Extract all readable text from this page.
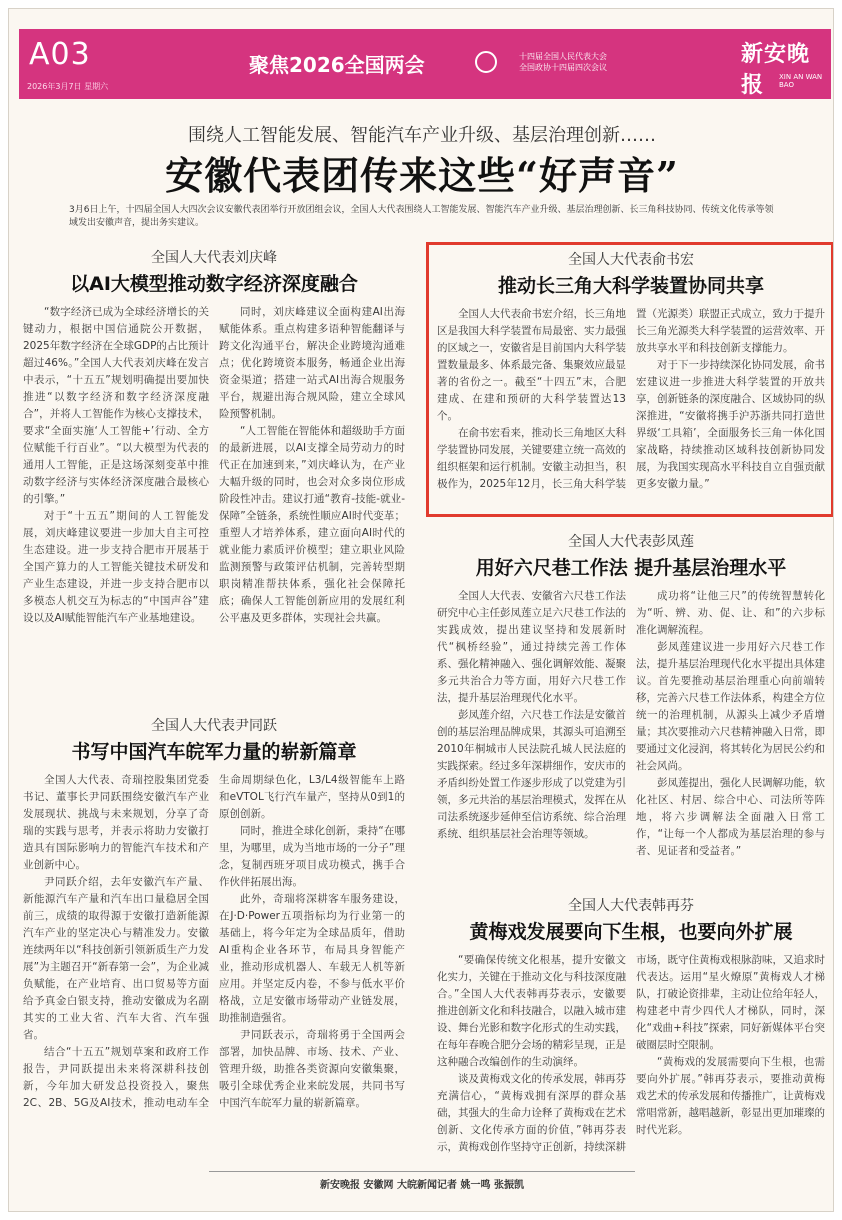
A03
2026年3月7日 星期六
聚焦2026全国两会	十四届全国人民代表大会
全国政协十四届四次会议
新安晚报	XIN AN WAN BAO
围绕人工智能发展、智能汽车产业升级、基层治理创新……
安徽代表团传来这些“好声音”
3月6日上午，十四届全国人大四次会议安徽代表团举行开放团组会议，全国人大代表围绕人工智能发展、智能汽车产业升级、基层治理创新、长三角科技协同、传统文化传承等领域发出安徽声音，提出务实建议。
全国人大代表刘庆峰
以AI大模型推动数字经济深度融合

“数字经济已成为全球经济增长的关键动力，根据中国信通院公开数据，2025年数字经济在全球GDP的占比预计超过46%。”全国人大代表刘庆峰在发言中表示，“十五五”规划明确提出要加快推进“以数字经济和数字经济深度融合”，并将人工智能作为核心支撑技术，要求“全面实施‘人工智能+’行动、全方位赋能千行百业”。“以大模型为代表的通用人工智能，正是这场深刻变革中推动数字经济与实体经济深度融合最核心的引擎。”

对于“十五五”期间的人工智能发展，刘庆峰建议要进一步加大自主可控生态建设。进一步支持合肥市开展基于全国产算力的人工智能关键技术研发和产业生态建设，并进一步支持合肥市以多模态人机交互为标志的“中国声谷”建设以及AI赋能智能汽车产业基地建设。

同时，刘庆峰建议全面构建AI出海赋能体系。重点构建多语种智能翻译与跨文化沟通平台，解决企业跨境沟通难点；优化跨境资本服务，畅通企业出海资金渠道；搭建一站式AI出海合规服务平台，规避出海合规风险，建立全球风险预警机制。

“人工智能在智能体和超级助手方面的最新进展，以AI支撑全局劳动力的时代正在加速到来，”刘庆峰认为，在产业大幅升级的同时，也会对众多岗位形成阶段性冲击。建议打通“教育-技能-就业-保障”全链条，系统性顺应AI时代变革；重塑人才培养体系，建立面向AI时代的就业能力素质评价模型；建立职业风险监测预警与政策评估机制，完善转型期职岗精准帮扶体系，强化社会保障托底；确保人工智能创新应用的发展红利公平惠及更多群体，实现社会共赢。

全国人大代表俞书宏
推动长三角大科学装置协同共享

全国人大代表俞书宏介绍，长三角地区是我国大科学装置布局最密、实力最强的区域之一，安徽省是目前国内大科学装置数量最多、体系最完备、集聚效应最显著的省份之一。截至“十四五”末，合肥建成、在建和预研的大科学装置达13个。

在俞书宏看来，推动长三角地区大科学装置协同发展，关键要建立统一高效的组织框架和运行机制。安徽主动担当，积极作为，2025年12月，长三角大科学装置（光源类）联盟正式成立，致力于提升长三角光源类大科学装置的运营效率、开放共享水平和科技创新支撑能力。

对于下一步持续深化协同发展，俞书宏建议进一步推进大科学装置的开放共享，创新链条的深度融合、区域协同的纵深推进，“安徽将携手沪苏浙共同打造世界级‘工具箱’，全面服务长三角一体化国家战略，持续推动区域科技创新协同发展，为我国实现高水平科技自立自强贡献更多安徽力量。”

全国人大代表彭凤莲
用好六尺巷工作法 提升基层治理水平

全国人大代表、安徽省六尺巷工作法研究中心主任彭凤莲立足六尺巷工作法的实践成效，提出建议坚持和发展新时代“枫桥经验”，通过持续完善工作体系、强化精神融入、强化调解效能、凝聚多元共治合力等方面，用好六尺巷工作法，提升基层治理现代化水平。

彭凤莲介绍，六尺巷工作法是安徽首创的基层治理品牌成果，其源头可追溯至2010年桐城市人民法院孔城人民法庭的实践探索。经过多年深耕细作，安庆市的矛盾纠纷处置工作逐步形成了以党建为引领，多元共治的基层治理模式，发挥在从司法系统逐步延伸至信访系统、综合治理系统、组织基层社会治理等领域。

成功将“让他三尺”的传统智慧转化为“听、辨、劝、促、让、和”的六步标准化调解流程。

彭凤莲建议进一步用好六尺巷工作法，提升基层治理现代化水平提出具体建议。首先要推动基层治理重心向前端转移，完善六尺巷工作法体系，构建全方位统一的治理机制，从源头上减少矛盾增量；其次要推动六尺巷精神融入日常，即要通过文化浸润，将其转化为居民公约和社会风尚。

彭凤莲提出，强化人民调解功能，软化社区、村居、综合中心、司法所等阵地，将六步调解法全面融入日常工作，“让每一个人都成为基层治理的参与者、见证者和受益者。”

全国人大代表尹同跃
书写中国汽车皖军力量的崭新篇章

全国人大代表、奇瑞控股集团党委书记、董事长尹同跃围绕安徽汽车产业发展现状、挑战与未来规划，分享了奇瑞的实践与思考，并表示将助力安徽打造具有国际影响力的智能汽车技术和产业创新中心。

尹同跃介绍，去年安徽汽车产量、新能源汽车产量和汽车出口量稳居全国前三，成绩的取得源于安徽打造新能源汽车产业的坚定决心与精准发力。安徽连续两年以“科技创新引领新质生产力发展”为主题召开“新春第一会”，为企业减负赋能，在产业培育、出口贸易等方面给予真金白银支持，推动安徽成为名副其实的工业大省、汽车大省、汽车强省。

结合“十五五”规划草案和政府工作报告，尹同跃提出未来将深耕科技创新，今年加大研发总投资投入，聚焦2C、2B、5G及AI技术，推动电动车全生命周期绿色化，L3/L4级智能车上路和eVTOL飞行汽车量产，坚持从0到1的原创创新。

同时，推进全球化创新，秉持“在哪里，为哪里，成为当地市场的一分子”理念，复制西班牙项目成功模式，携手合作伙伴拓展出海。

此外，奇瑞将深耕客车服务建设，在J·D·Power五项指标均为行业第一的基础上，将今年定为全球品质年，借助AI重构企业各环节，布局具身智能产业，推动形成机器人、车载无人机等新应用。并坚定反内卷，不参与低水平价格战，立足安徽市场带动产业链发展，助推制造强省。

尹同跃表示，奇瑞将勇于全国两会部署，加快品牌、市场、技术、产业、管理升级，助推各类资源向安徽集聚，吸引全球优秀企业来皖发展，共同书写中国汽车皖军力量的崭新篇章。

全国人大代表韩再芬
黄梅戏发展要向下生根，也要向外扩展

“要确保传统文化根基，提升安徽文化实力，关键在于推动文化与科技深度融合。”全国人大代表韩再芬表示，安徽要推进创新文化和科技融合，以融入城市建设、舞台光影和数字化形式的生动实践，在每年春晚合肥分会场的精彩呈现，正是这种融合改编创作的生动演绎。

谈及黄梅戏文化的传承发展，韩再芬充满信心，“黄梅戏拥有深厚的群众基础，其强大的生命力诠释了黄梅戏在艺术创新、文化传承方面的价值，”韩再芬表示，黄梅戏创作坚持守正创新，持续深耕市场，既守住黄梅戏根脉韵味，又追求时代表达。运用“星火燎原”黄梅戏人才梯队，打破论资排辈，主动让位给年轻人，构建老中青少四代人才梯队，同时，深化“戏曲+科技”探索，同好新媒体平台突破圈层时空限制。

“黄梅戏的发展需要向下生根，也需要向外扩展。”韩再芬表示，要推动黄梅戏艺术的传承发展和传播推广，让黄梅戏常唱常新，越唱越新，彰显出更加璀璨的时代光彩。

新安晚报 安徽网 大皖新闻记者 姚一鸣 张振凯
